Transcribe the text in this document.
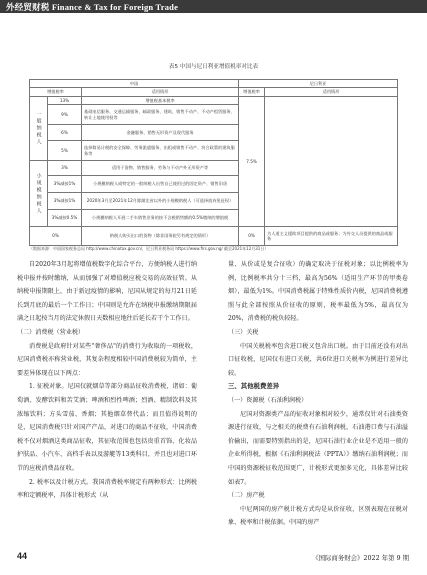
外经贸财税 Finance & Tax for Foreign Trade
表5 中国与尼日利亚增值税率对比表
中国			尼日利亚	
增值税率		适用情形	增值税率	适用情形

一般纳税人	13%	增值税基本税率	7.5%	
	9%	基础电信服务、交通运输服务、邮政服务、建筑、销售不动产、不动产租赁服务、转让土地使用权等		
	6%	金融服务、销售无形资产及现代服务		
	5%	选择简易计税的安全保障、劳务派遣服务、出租或销售不动产、符合政策的建筑服务等		

小规模纳税人	3%	适用于货物、销售服务、劳务与不动产外无形资产等		
	3%减按1%	小规模纳税人或特定的一般纳税人出售自己使用过的固定资产、销售旧货		
	3%减按1%	2020年3月至2021年12月除湖北省以外的小规模纳税人（可选择放弃免征权）		
	3%减按0.5%	小规模纳税人开展二手车销售业务的按不含税销售额的0.5%缴纳的增值税		
0%		纳税人购买出口的货物（除非国务院另有规定的情形）	0%	为人道主义援助项目提供的商品或服务；为外交人员提供的商品或服务
（数据来源：中国国家税务总局 http://www.chinatax.gov.cn/，尼日利亚税务局 https://www.firs.gov.ng/ 截至2021年12月31日）

自2020年3月起将增值税数字化综合平台，方便纳税人进行纳税申报并按时缴纳，从而加强了对增值税应税交易的高效征管。从纳税申报期限上，由于新冠疫情的影响，尼国从规定的每月21日延长到月底的最后一个工作日；中国则是允许在纳税申报缴纳期限届满之日起按当月的法定休假日天数相应地往后延长若干个工作日。

（二）消费税（营业税）

消费税是政府针对某些"奢侈品"的消费行为收取的一项税收，尼国消费税亦称营业税，其复杂程度相较中国消费税较为简单，主要差异体现在以下两点：

1. 征税对象。尼国仅就烟草等部分商品征收消费税，诸如：葡萄酒、发酵饮料和苦艾酒；啤酒和烈性啤酒；烈酒、精制饮料及其浓缩饮料；方头雪茄、香烟；其他烟草替代品；而且值得说明的是，尼国消费税只针对国产产品，对进口的商品不征收，中国消费税不仅对烟酒这类商品征收，其征收范围也包括贵重首饰、化妆品护肤品、小汽车、高档手表以及游艇等13类科目，并且也对进口环节的应税消费品征收。

2. 税率以及计税方式。我国消费税率规定有两种形式：比例税率和定额税率，具体计税形式（从

量、从价或是复合征收）的确定取决于征税对象；以比例税率为例，比例税率共分十三档，最高为56%（适用生产环节的甲类卷烟），最低为1%。中国消费税属于特殊性质价内税，尼国消费税遵照与此全部按照从价征收的原则，税率最低为5%，最高仅为20%，消费税的税负较轻。

（三）关税

中国关税税率包含进口税又包含出口税。由于目前还没有对出口征收税，尼国仅有进口关税，共6位进口关税率为例进行差异比较。

三、其他税费差异
（一）资源税（石油利润税）

尼国对资源类产品的征收对象相对较少，通常仅针对石油类资源进行征收，与之相关的税费有石油利润税、石油港口费与石油溢价输出，而需要特别指出的是，尼国石油行业企业是不适用一般的企业所得税，根据《石油利润税法（PPTA）》缴纳石油利润税；而中国的资源税征收范围更广，计税形式更加多元化，具体差异比较如表7。

（二）房产税

中尼两国的房产税计税方式均是从价征收，区别表现在征税对象、税率和计税依据。中国的房产

44	《国际商务财会》2022 年第 9 期
